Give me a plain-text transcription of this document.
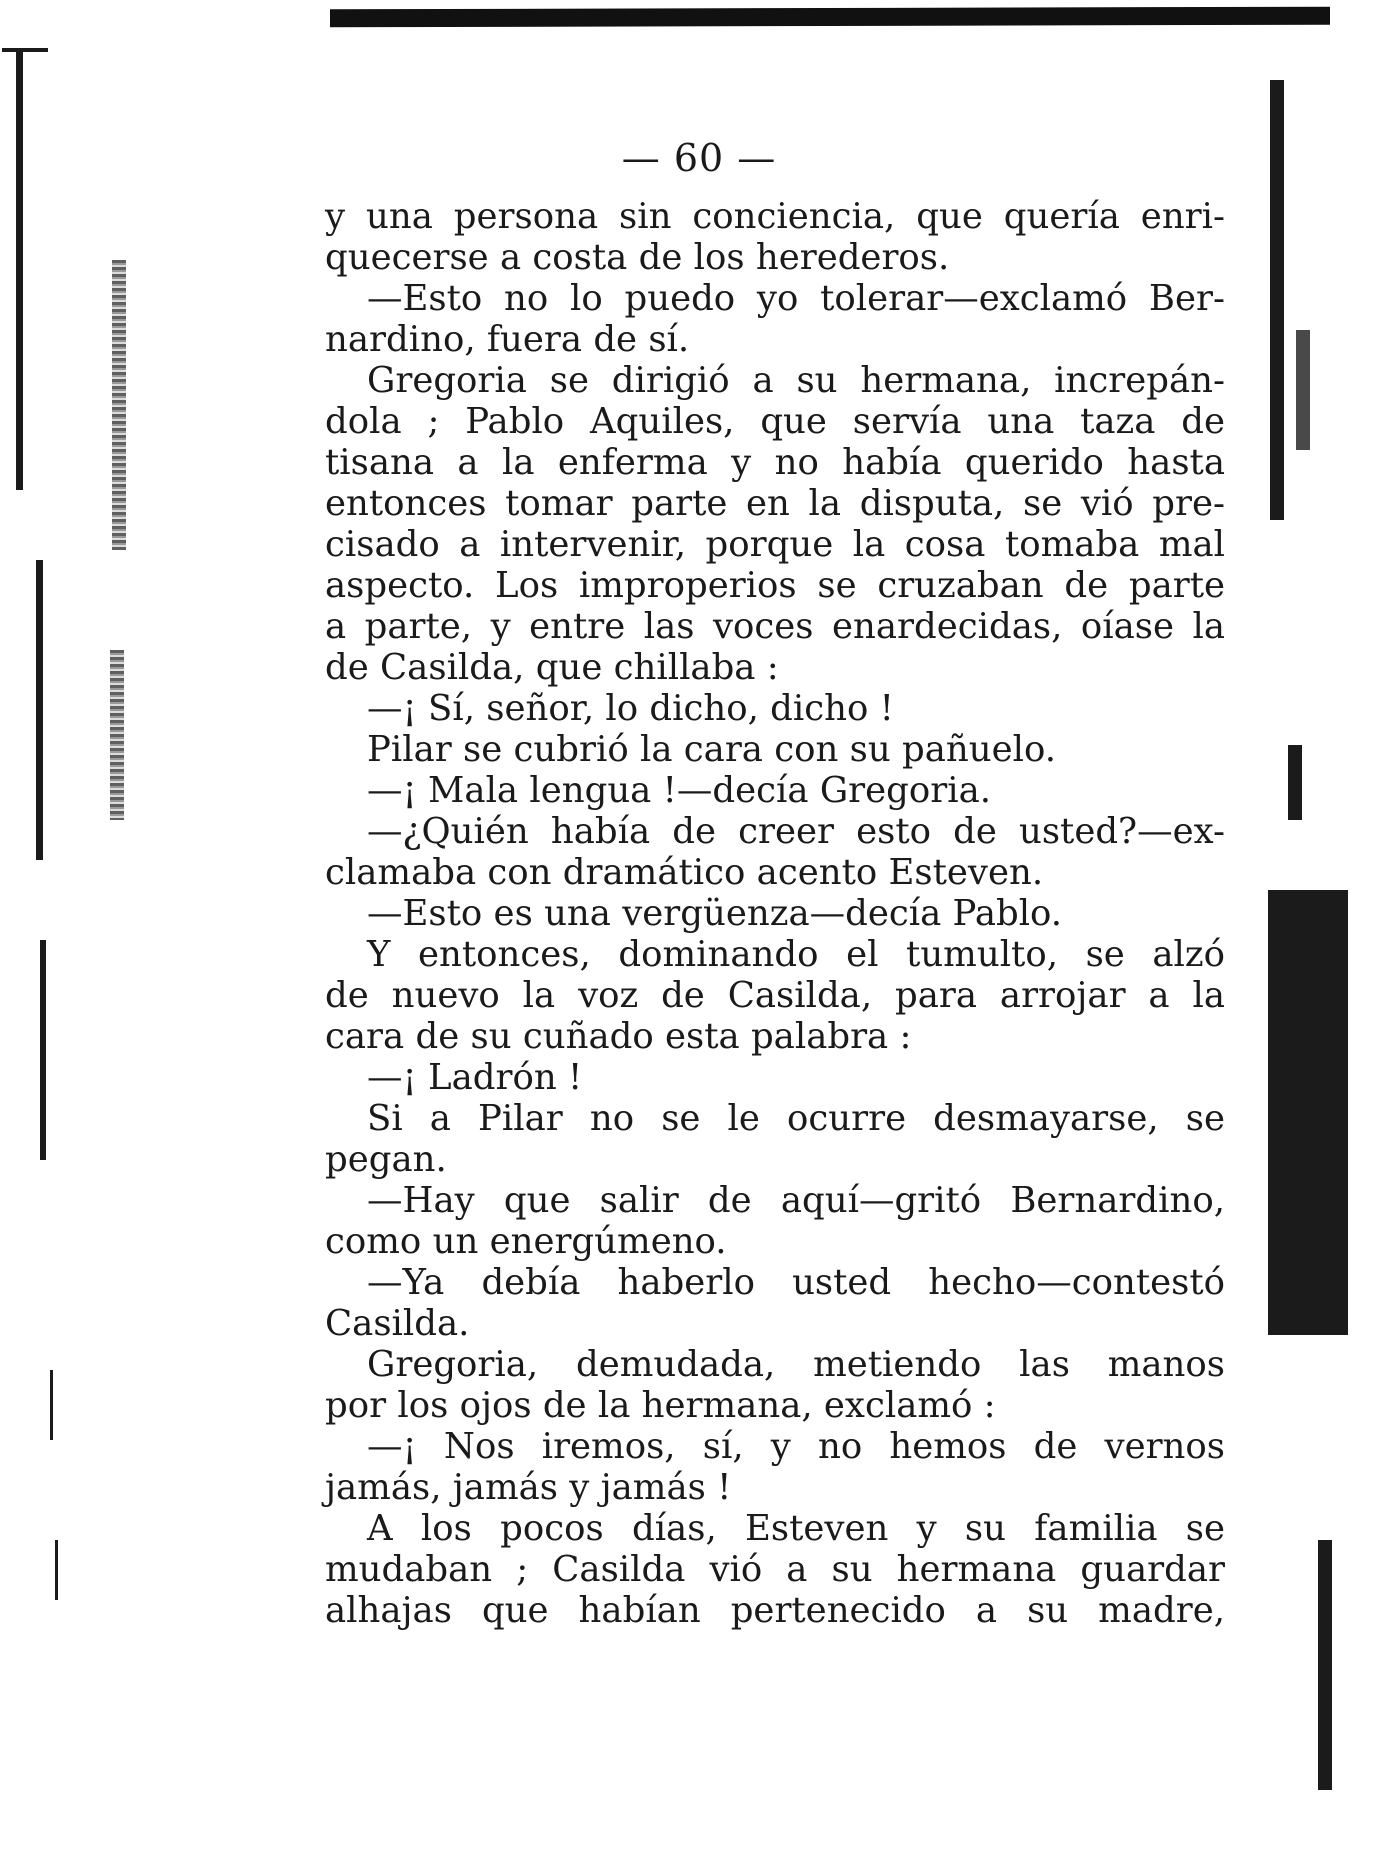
— 60 —
y una persona sin conciencia, que quería enri-
quecerse a costa de los herederos.
—Esto no lo puedo yo tolerar—exclamó Ber-
nardino, fuera de sí.
Gregoria se dirigió a su hermana, increpán-
dola ; Pablo Aquiles, que servía una taza de
tisana a la enferma y no había querido hasta
entonces tomar parte en la disputa, se vió pre-
cisado a intervenir, porque la cosa tomaba mal
aspecto. Los improperios se cruzaban de parte
a parte, y entre las voces enardecidas, oíase la
de Casilda, que chillaba :
—¡ Sí, señor, lo dicho, dicho !
Pilar se cubrió la cara con su pañuelo.
—¡ Mala lengua !—decía Gregoria.
—¿Quién había de creer esto de usted?—ex-
clamaba con dramático acento Esteven.
—Esto es una vergüenza—decía Pablo.
Y entonces, dominando el tumulto, se alzó
de nuevo la voz de Casilda, para arrojar a la
cara de su cuñado esta palabra :
—¡ Ladrón !
Si a Pilar no se le ocurre desmayarse, se
pegan.
—Hay que salir de aquí—gritó Bernardino,
como un energúmeno.
—Ya debía haberlo usted hecho—contestó
Casilda.
Gregoria, demudada, metiendo las manos
por los ojos de la hermana, exclamó :
—¡ Nos iremos, sí, y no hemos de vernos
jamás, jamás y jamás !
A los pocos días, Esteven y su familia se
mudaban ; Casilda vió a su hermana guardar
alhajas que habían pertenecido a su madre,
